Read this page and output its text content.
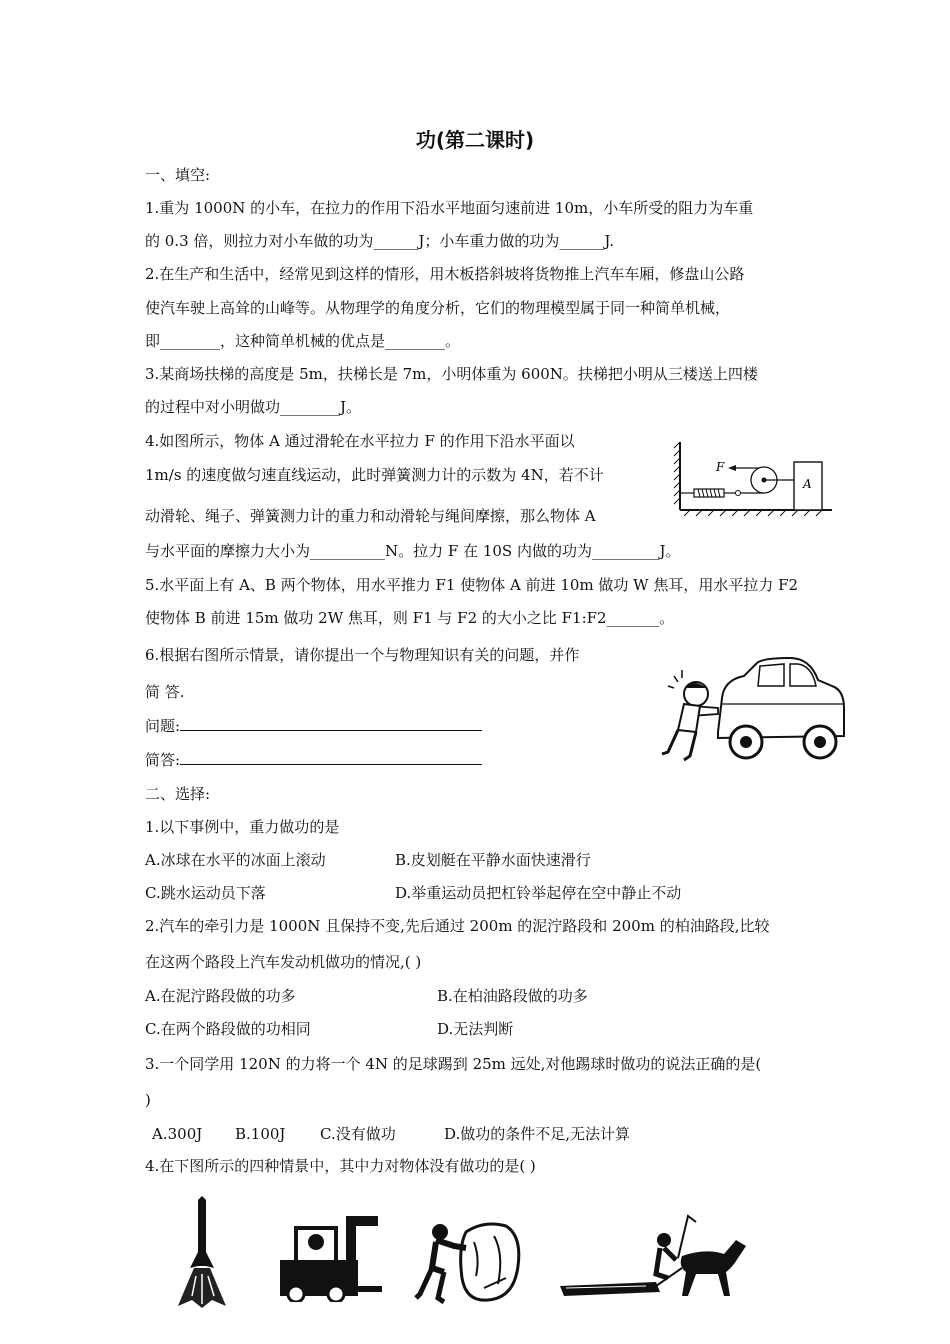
功(第二课时)
一、填空:
1.重为 1000N 的小车，在拉力的作用下沿水平地面匀速前进 10m，小车所受的阻力为车重
的 0.3 倍，则拉力对小车做的功为______J；小车重力做的功为______J.
2.在生产和生活中，经常见到这样的情形，用木板搭斜坡将货物推上汽车车厢，修盘山公路
使汽车驶上高耸的山峰等。从物理学的角度分析，它们的物理模型属于同一种简单机械，
即________，这种简单机械的优点是________。
3.某商场扶梯的高度是 5m，扶梯长是 7m，小明体重为 600N。扶梯把小明从三楼送上四楼
的过程中对小明做功________J。
4.如图所示，物体 A 通过滑轮在水平拉力 F 的作用下沿水平面以
1m/s 的速度做匀速直线运动，此时弹簧测力计的示数为 4N，若不计
动滑轮、绳子、弹簧测力计的重力和动滑轮与绳间摩擦，那么物体 A
与水平面的摩擦力大小为__________N。拉力 F 在 10S 内做的功为_________J。
F
A
5.水平面上有 A、B 两个物体，用水平推力 F1 使物体 A 前进 10m 做功 W 焦耳，用水平拉力 F2
使物体 B 前进 15m 做功 2W 焦耳，则 F1 与 F2 的大小之比 F1:F2_______。
6.根据右图所示情景，请你提出一个与物理知识有关的问题，并作
简 答.
问题:
简答:
二、选择:
1.以下事例中，重力做功的是
A.冰球在水平的冰面上滚动	B.皮划艇在平静水面快速滑行
C.跳水运动员下落	D.举重运动员把杠铃举起停在空中静止不动
2.汽车的牵引力是 1000N 且保持不变,先后通过 200m 的泥泞路段和 200m 的柏油路段,比较
在这两个路段上汽车发动机做功的情况,( )
A.在泥泞路段做的功多	B.在柏油路段做的功多
C.在两个路段做的功相同	D.无法判断
3.一个同学用 120N 的力将一个 4N 的足球踢到 25m 远处,对他踢球时做功的说法正确的是(
)
A.300J B.100J C.没有做功	D.做功的条件不足,无法计算
4.在下图所示的四种情景中，其中力对物体没有做功的是( )
